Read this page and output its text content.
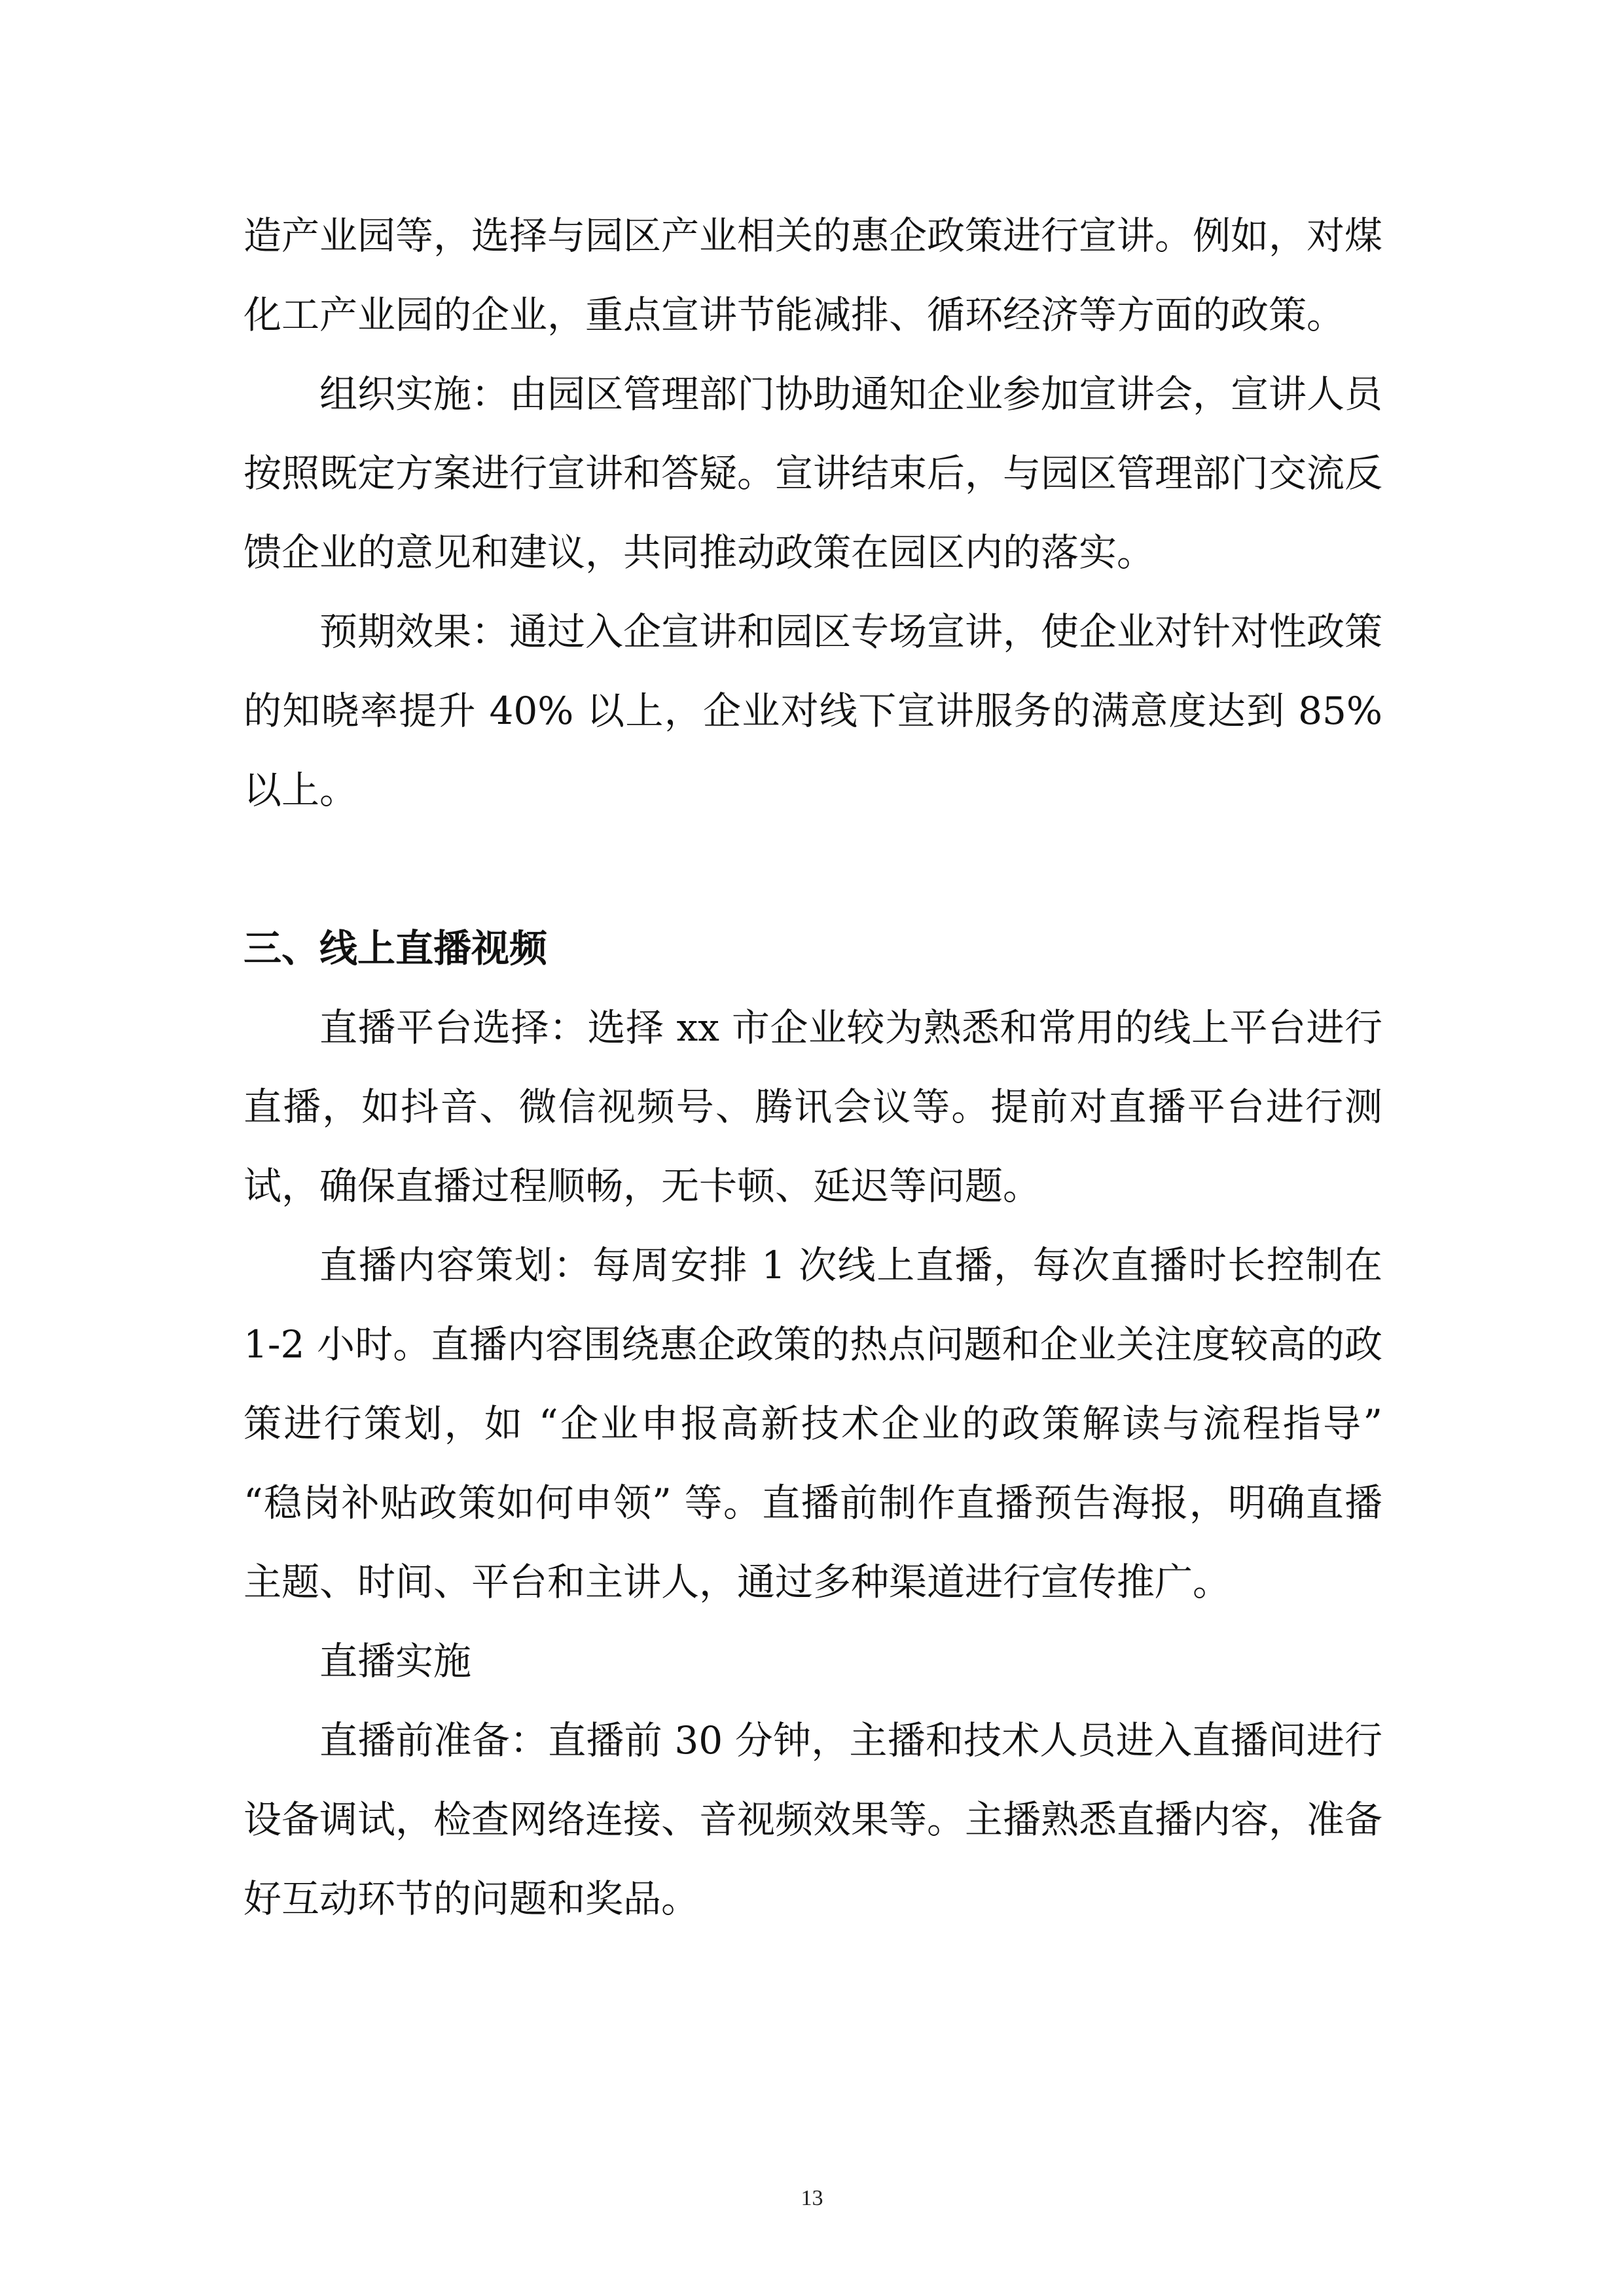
造产业园等，选择与园区产业相关的惠企政策进行宣讲。例如，对煤化工产业园的企业，重点宣讲节能减排、循环经济等方面的政策。

组织实施：由园区管理部门协助通知企业参加宣讲会，宣讲人员按照既定方案进行宣讲和答疑。宣讲结束后，与园区管理部门交流反馈企业的意见和建议，共同推动政策在园区内的落实。

预期效果：通过入企宣讲和园区专场宣讲，使企业对针对性政策的知晓率提升 40% 以上，企业对线下宣讲服务的满意度达到 85% 以上。

三、线上直播视频

直播平台选择：选择 xx 市企业较为熟悉和常用的线上平台进行直播，如抖音、微信视频号、腾讯会议等。提前对直播平台进行测试，确保直播过程顺畅，无卡顿、延迟等问题。

直播内容策划：每周安排 1 次线上直播，每次直播时长控制在 1-2 小时。直播内容围绕惠企政策的热点问题和企业关注度较高的政策进行策划，如 “企业申报高新技术企业的政策解读与流程指导” “稳岗补贴政策如何申领” 等。直播前制作直播预告海报，明确直播主题、时间、平台和主讲人，通过多种渠道进行宣传推广。

直播实施

直播前准备：直播前 30 分钟，主播和技术人员进入直播间进行设备调试，检查网络连接、音视频效果等。主播熟悉直播内容，准备好互动环节的问题和奖品。

13
